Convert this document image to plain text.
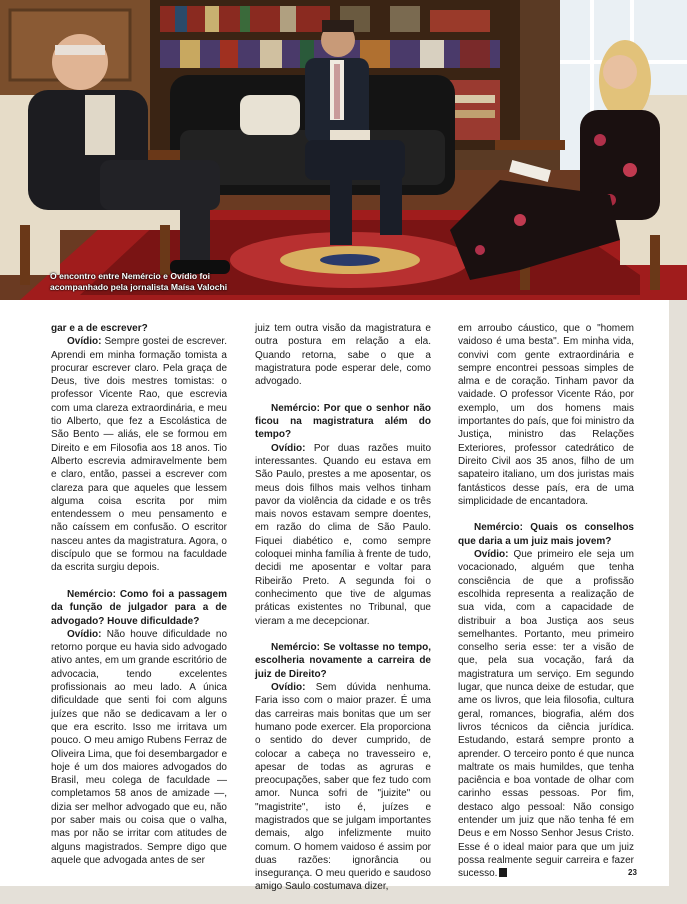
O encontro entre Nemércio e Ovídio foi
acompanhado pela jornalista Maísa Valochi

gar e a de escrever?

Ovídio: Sempre gostei de escrever. Aprendi em minha formação tomista a procurar escrever claro. Pela graça de Deus, tive dois mestres tomistas: o professor Vicente Rao, que escrevia com uma clareza extraordinária, e meu tio Alberto, que fez a Escolástica de São Bento — aliás, ele se formou em Direito e em Filosofia aos 18 anos. Tio Alberto escrevia admiravelmente bem e claro, então, passei a escrever com clareza para que aqueles que lessem alguma coisa escrita por mim entendessem o meu pensamento e não caíssem em confusão. O escritor nasceu antes da magistratura. Agora, o discípulo que se formou na faculdade da escrita surgiu depois.

Nemércio: Como foi a passagem da função de julgador para a de advogado? Houve dificuldade?

Ovídio: Não houve dificuldade no retorno porque eu havia sido advogado ativo antes, em um grande escritório de advocacia, tendo excelentes profissionais ao meu lado. A única dificuldade que senti foi com alguns juízes que não se dedicavam a ler o que era escrito. Isso me irritava um pouco. O meu amigo Rubens Ferraz de Oliveira Lima, que foi desembargador e hoje é um dos maiores advogados do Brasil, meu colega de faculdade — completamos 58 anos de amizade —, dizia ser melhor advogado que eu, não por saber mais ou coisa que o valha, mas por não se irritar com atitudes de alguns magistrados. Sempre digo que aquele que advogada antes de ser

juiz tem outra visão da magistratura e outra postura em relação a ela. Quando retorna, sabe o que a magistratura pode esperar dele, como advogado.

Nemércio: Por que o senhor não ficou na magistratura além do tempo?

Ovídio: Por duas razões muito interessantes. Quando eu estava em São Paulo, prestes a me aposentar, os meus dois filhos mais velhos tinham pavor da violência da cidade e os três mais novos estavam sempre doentes, em razão do clima de São Paulo. Fiquei diabético e, como sempre coloquei minha família à frente de tudo, decidi me aposentar e voltar para Ribeirão Preto. A segunda foi o conhecimento que tive de algumas práticas existentes no Tribunal, que vieram a me decepcionar.

Nemércio: Se voltasse no tempo, escolheria novamente a carreira de juiz de Direito?

Ovídio: Sem dúvida nenhuma. Faria isso com o maior prazer. É uma das carreiras mais bonitas que um ser humano pode exercer. Ela proporciona o sentido do dever cumprido, de colocar a cabeça no travesseiro e, apesar de todas as agruras e preocupações, saber que fez tudo com amor. Nunca sofri de "juizite" ou "magistrite", isto é, juízes e magistrados que se julgam importantes demais, algo infelizmente muito comum. O homem vaidoso é assim por duas razões: ignorância ou insegurança. O meu querido e saudoso amigo Saulo costumava dizer,

em arroubo cáustico, que o "homem vaidoso é uma besta". Em minha vida, convivi com gente extraordinária e sempre encontrei pessoas simples de alma e de coração. Tinham pavor da vaidade. O professor Vicente Ráo, por exemplo, um dos homens mais importantes do país, que foi ministro da Justiça, ministro das Relações Exteriores, professor catedrático de Direito Civil aos 35 anos, filho de um sapateiro italiano, um dos juristas mais fantásticos desse país, era de uma simplicidade de encantadora.

Nemércio: Quais os conselhos que daria a um juiz mais jovem?

Ovídio: Que primeiro ele seja um vocacionado, alguém que tenha consciência de que a profissão escolhida representa a realização de sua vida, com a capacidade de distribuir a boa Justiça aos seus semelhantes. Portanto, meu primeiro conselho seria esse: ter a visão de que, pela sua vocação, fará da magistratura um serviço. Em segundo lugar, que nunca deixe de estudar, que ame os livros, que leia filosofia, cultura geral, romances, biografia, além dos livros técnicos da ciência jurídica. Estudando, estará sempre pronto a aprender. O terceiro ponto é que nunca maltrate os mais humildes, que tenha paciência e boa vontade de olhar com carinho essas pessoas. Por fim, destaco algo pessoal: Não consigo entender um juiz que não tenha fé em Deus e em Nosso Senhor Jesus Cristo. Esse é o ideal maior para que um juiz possa realmente seguir carreira e fazer sucesso.	23
